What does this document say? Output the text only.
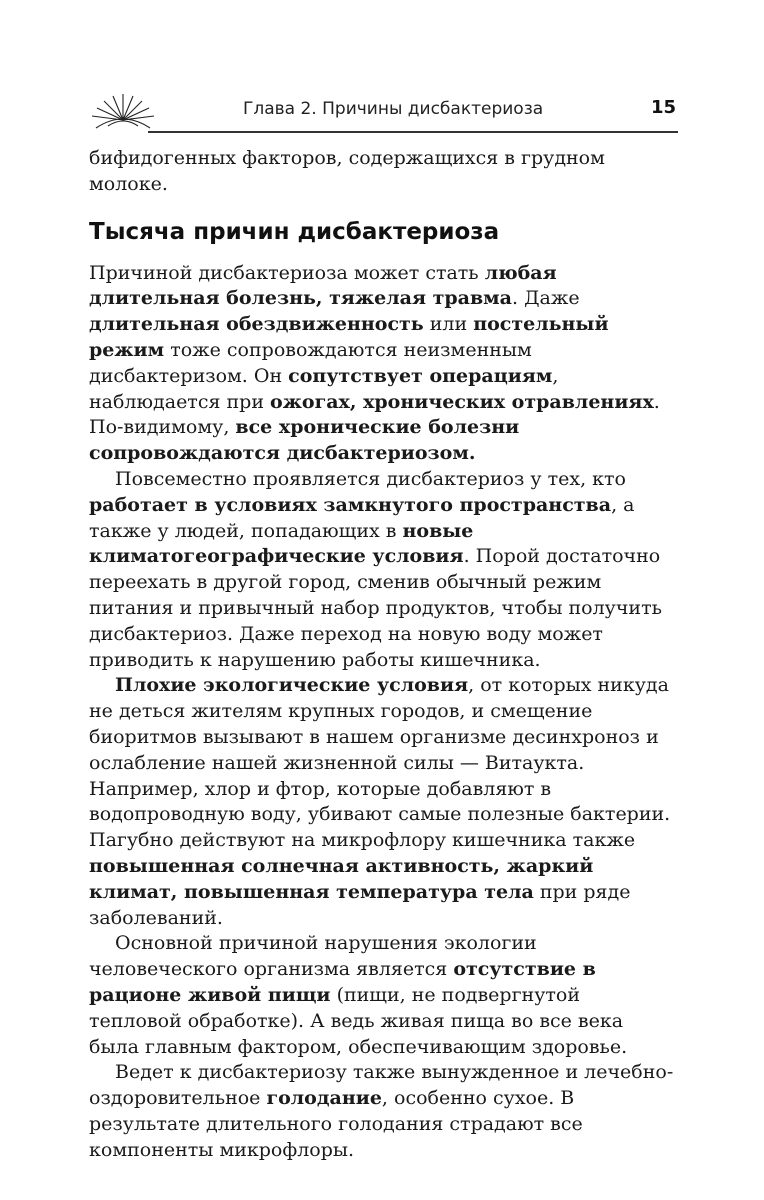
Глава 2. Причины дисбактериоза	15

бифидогенных факторов, содержащихся в грудном молоке.

Тысяча причин дисбактериоза

Причиной дисбактериоза может стать любая длительная болезнь, тяжелая травма. Даже длительная обездвиженность или постельный режим тоже сопровождаются неизменным дисбактеризом. Он сопутствует операциям, наблюдается при ожогах, хронических отравлениях. По-видимому, все хронические болезни сопровождаются дисбактериозом.

Повсеместно проявляется дисбактериоз у тех, кто работает в условиях замкнутого пространства, а также у людей, попадающих в новые климатогеографические условия. Порой достаточно переехать в другой город, сменив обычный режим питания и привычный набор продуктов, чтобы получить дисбактериоз. Даже переход на новую воду может приводить к нарушению работы кишечника.

Плохие экологические условия, от которых никуда не деться жителям крупных городов, и смещение биоритмов вызывают в нашем организме десинхроноз и ослабление нашей жизненной силы — Витаукта. Например, хлор и фтор, которые добавляют в водопроводную воду, убивают самые полезные бактерии. Пагубно действуют на микрофлору кишечника также повышенная солнечная активность, жаркий климат, повышенная температура тела при ряде заболеваний.

Основной причиной нарушения экологии человеческого организма является отсутствие в рационе живой пищи (пищи, не подвергнутой тепловой обработке). А ведь живая пища во все века была главным фактором, обеспечивающим здоровье.

Ведет к дисбактериозу также вынужденное и лечебно-оздоровительное голодание, особенно сухое. В результате длительного голодания страдают все компоненты микрофлоры.
